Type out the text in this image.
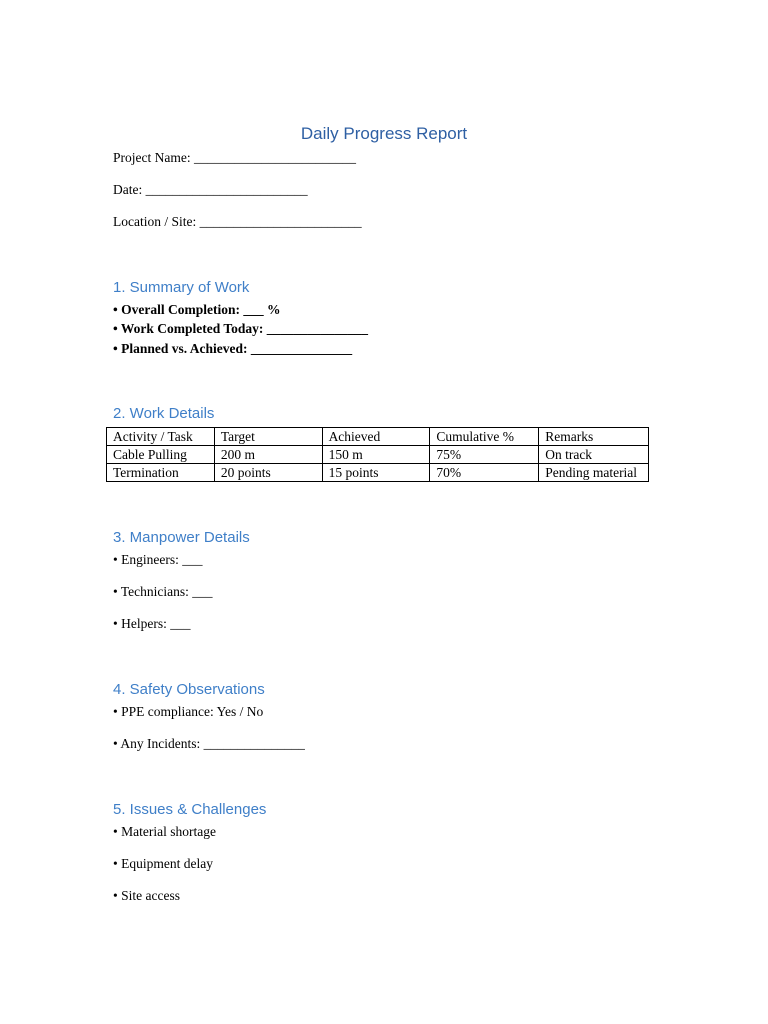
Daily Progress Report
Project Name: ________________________
Date: ________________________
Location / Site: ________________________
1. Summary of Work
• Overall Completion: ___ %
• Work Completed Today: _______________
• Planned vs. Achieved: _______________
2. Work Details
Activity / Task	Target	Achieved	Cumulative %	Remarks
Cable Pulling	200 m	150 m	75%	On track
Termination	20 points	15 points	70%	Pending material
3. Manpower Details
• Engineers: ___
• Technicians: ___
• Helpers: ___
4. Safety Observations
• PPE compliance: Yes / No
• Any Incidents: _______________
5. Issues & Challenges
• Material shortage
• Equipment delay
• Site access
